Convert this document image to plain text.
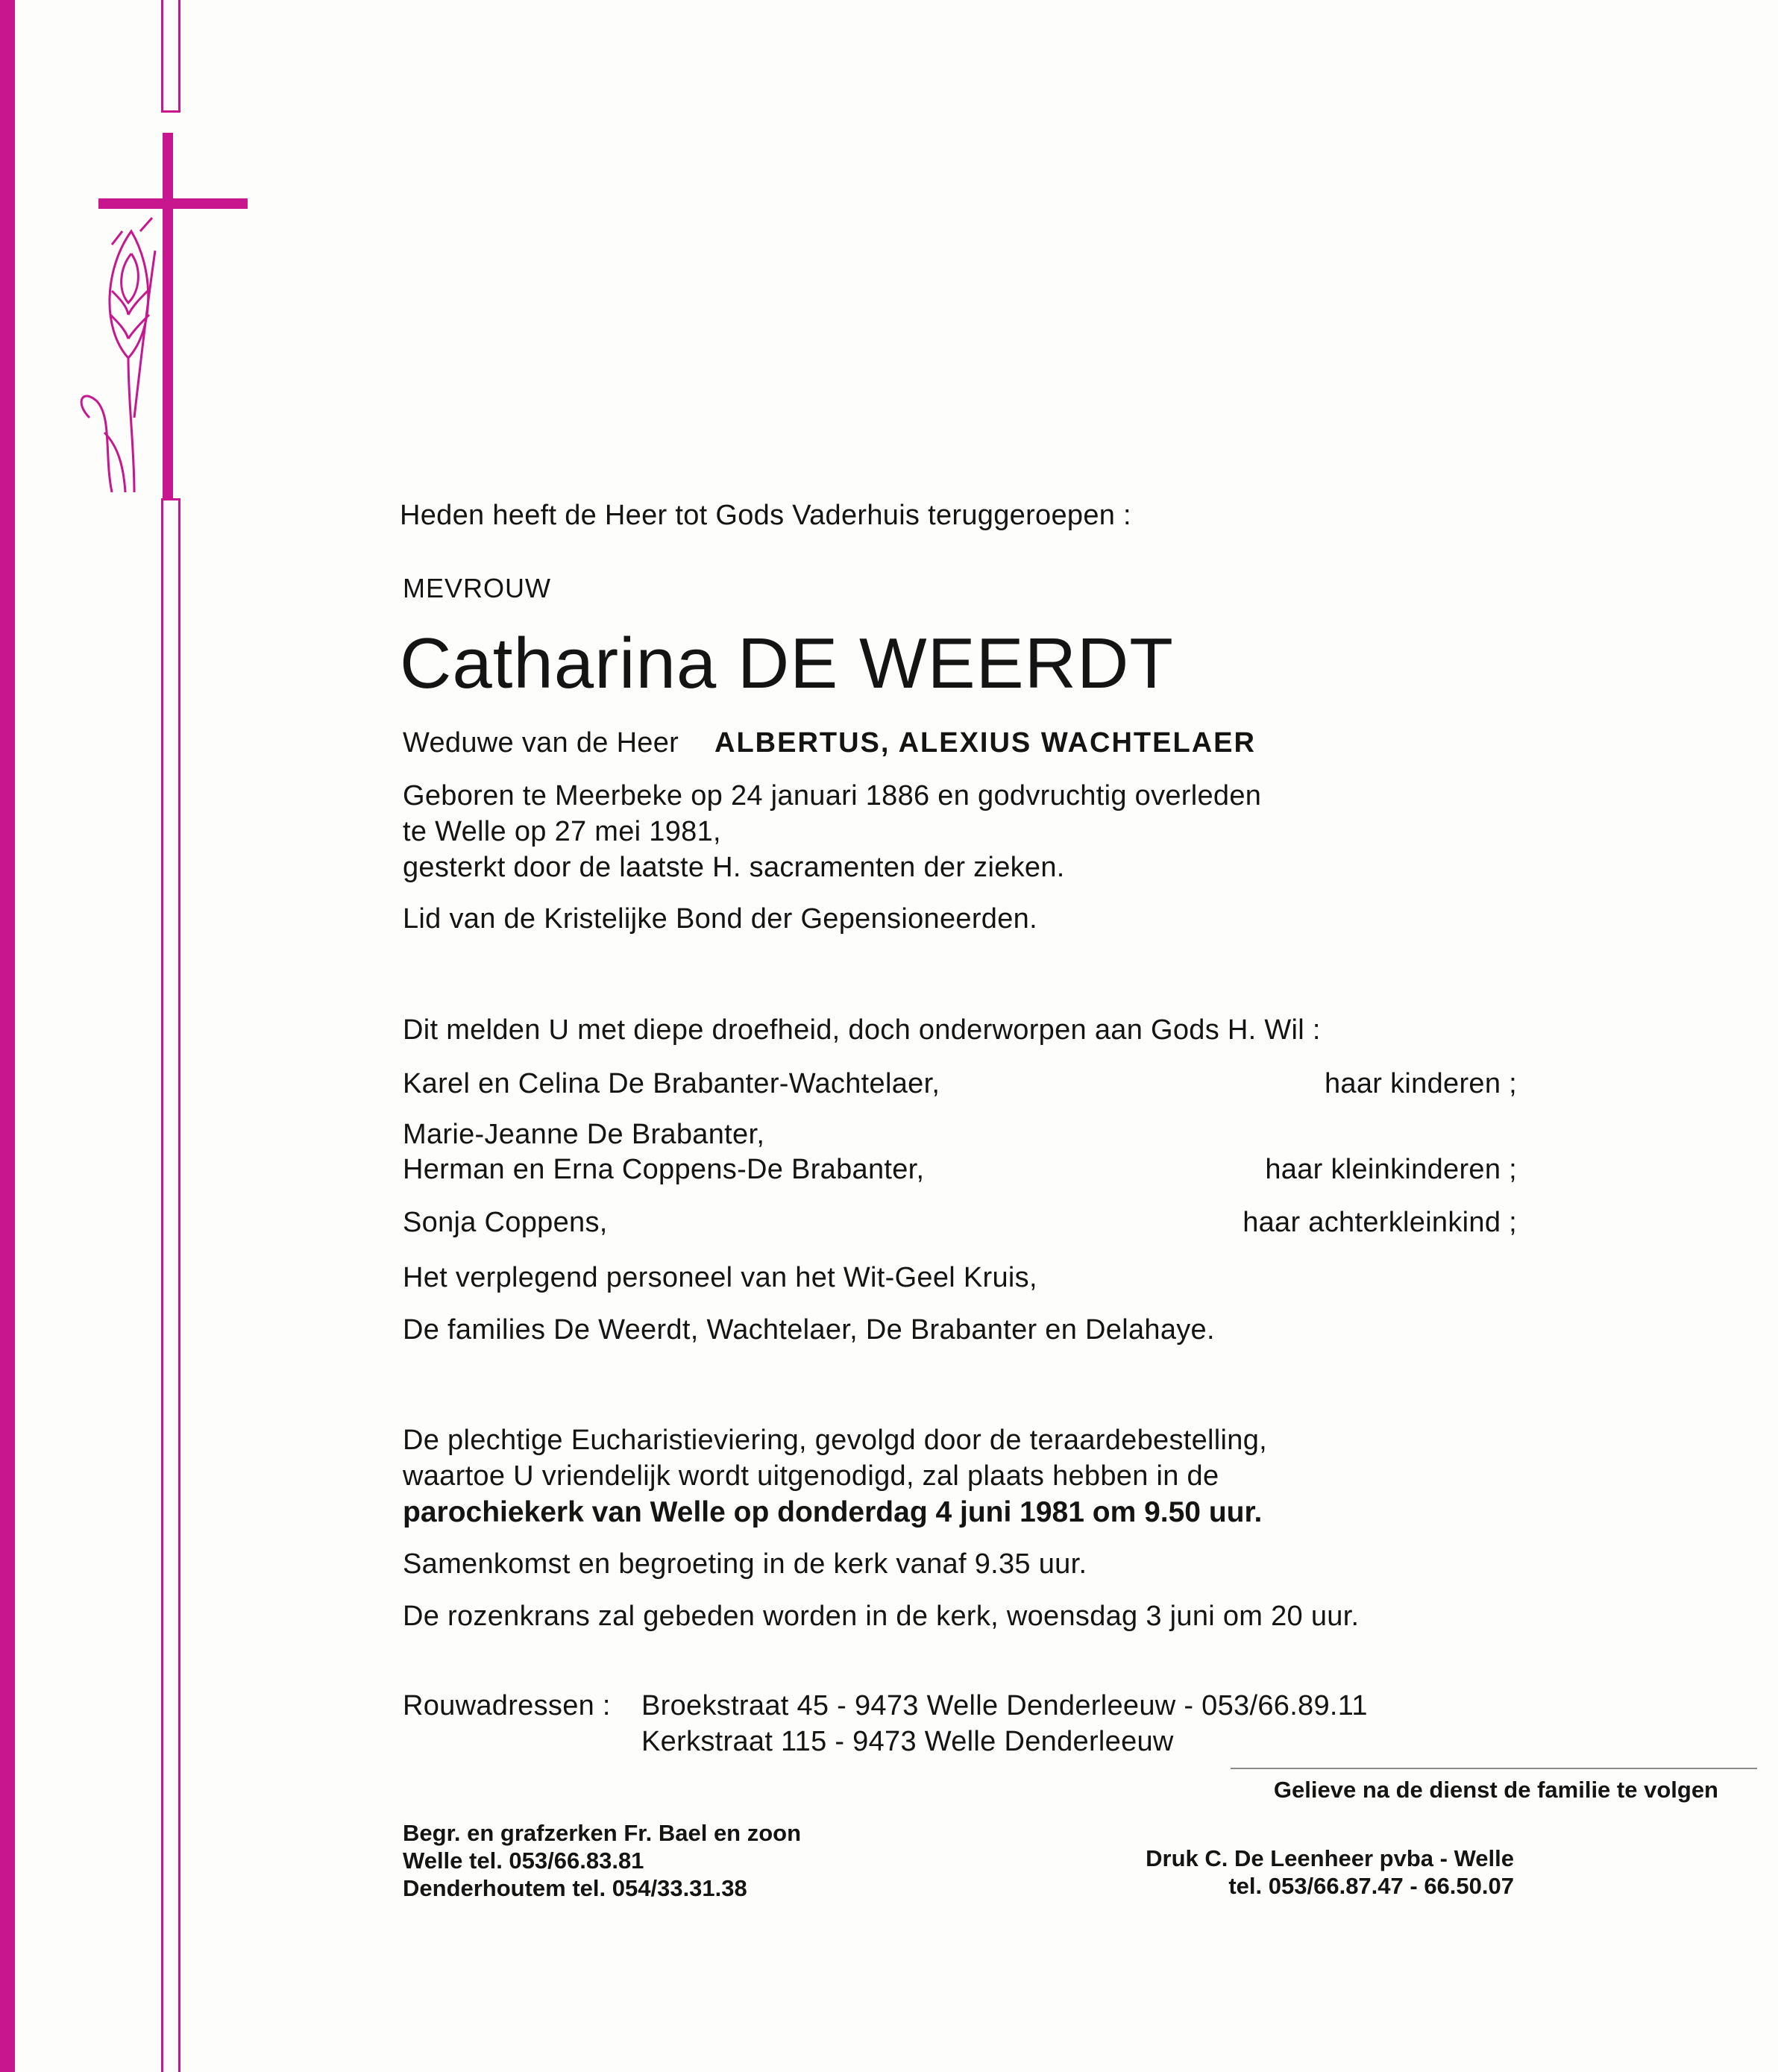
Heden heeft de Heer tot Gods Vaderhuis teruggeroepen :
MEVROUW
Catharina DE WEERDT
Weduwe van de Heer ALBERTUS, ALEXIUS WACHTELAER
Geboren te Meerbeke op 24 januari 1886 en godvruchtig overleden
te Welle op 27 mei 1981,
gesterkt door de laatste H. sacramenten der zieken.
Lid van de Kristelijke Bond der Gepensioneerden.
Dit melden U met diepe droefheid, doch onderworpen aan Gods H. Wil :
Karel en Celina De Brabanter-Wachtelaer,	haar kinderen ;
Marie-Jeanne De Brabanter,
Herman en Erna Coppens-De Brabanter,	haar kleinkinderen ;
Sonja Coppens,	haar achterkleinkind ;
Het verplegend personeel van het Wit-Geel Kruis,
De families De Weerdt, Wachtelaer, De Brabanter en Delahaye.
De plechtige Eucharistieviering, gevolgd door de teraardebestelling,
waartoe U vriendelijk wordt uitgenodigd, zal plaats hebben in de
parochiekerk van Welle op donderdag 4 juni 1981 om 9.50 uur.
Samenkomst en begroeting in de kerk vanaf 9.35 uur.
De rozenkrans zal gebeden worden in de kerk, woensdag 3 juni om 20 uur.
Rouwadressen : Broekstraat 45 - 9473 Welle Denderleeuw - 053/66.89.11
Kerkstraat 115 - 9473 Welle Denderleeuw
Gelieve na de dienst de familie te volgen
Begr. en grafzerken Fr. Bael en zoon
Welle tel. 053/66.83.81
Denderhoutem tel. 054/33.31.38
Druk C. De Leenheer pvba - Welle
tel. 053/66.87.47 - 66.50.07
